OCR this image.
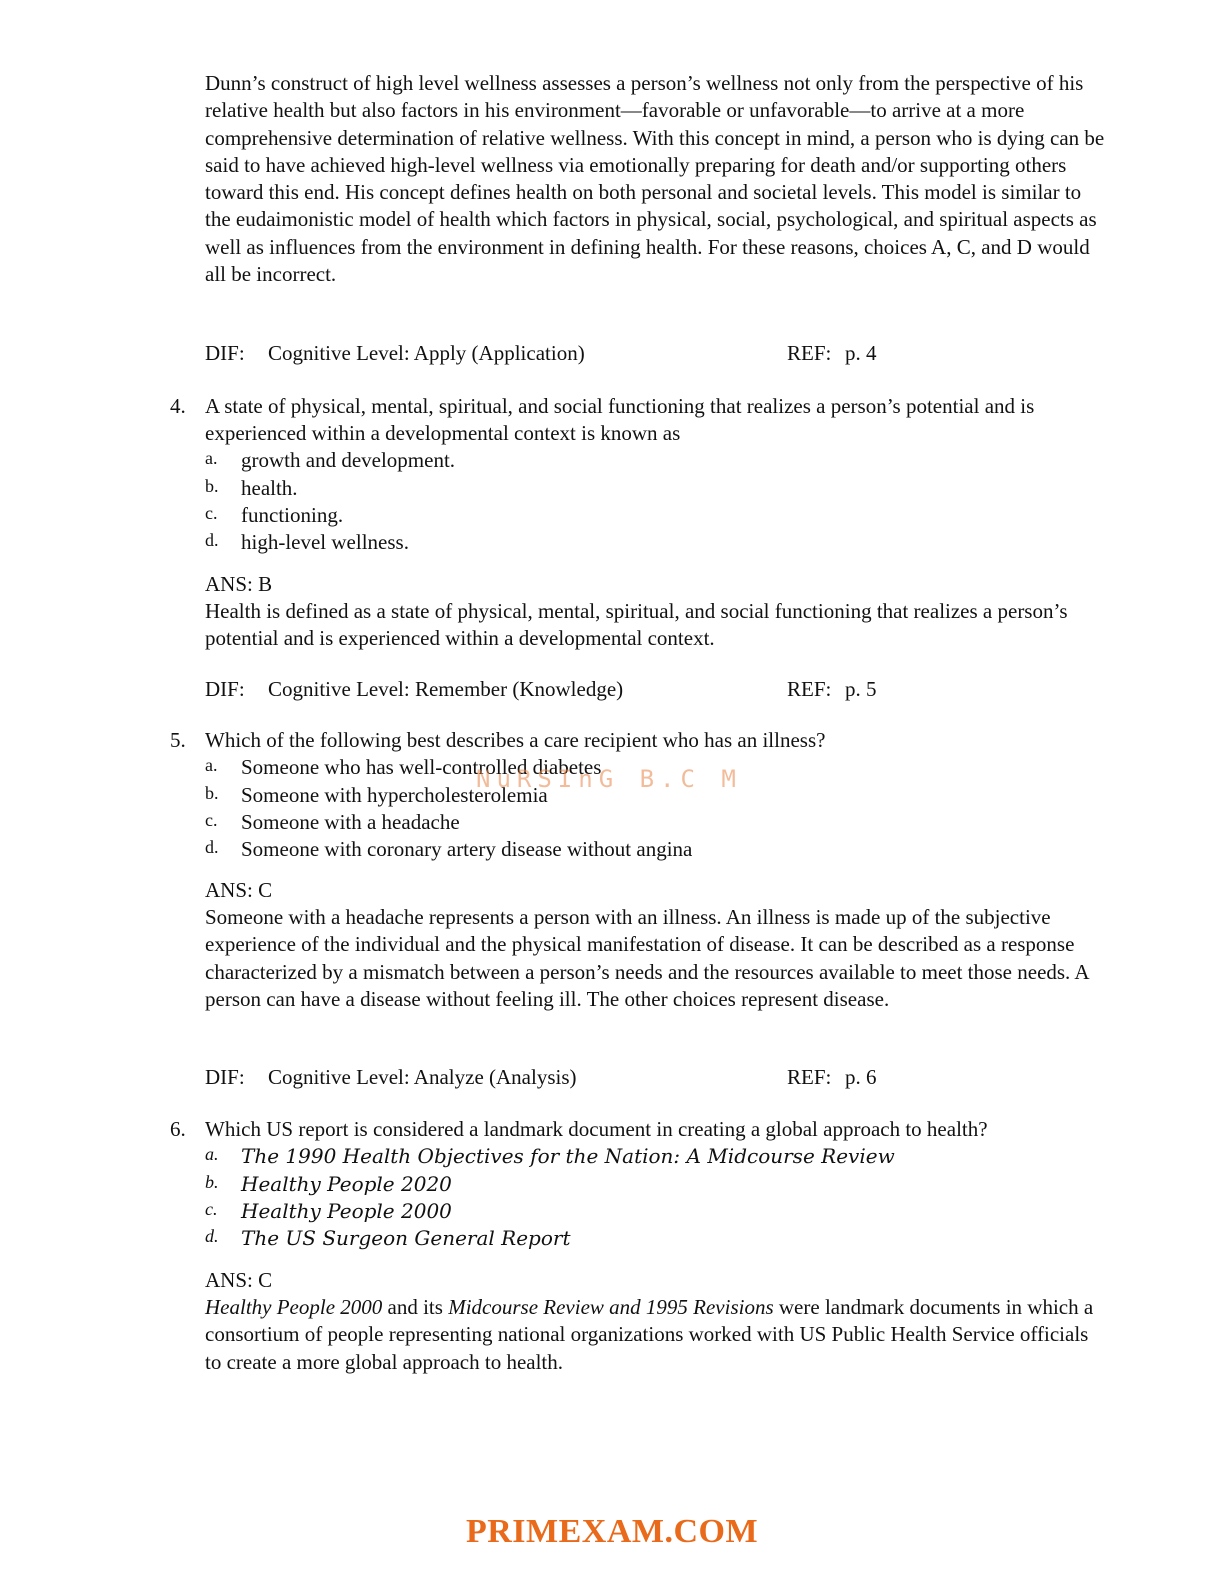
Dunn’s construct of high level wellness assesses a person’s wellness not only from the perspective of his relative health but also factors in his environment—favorable or unfavorable—to arrive at a more comprehensive determination of relative wellness. With this concept in mind, a person who is dying can be said to have achieved high-level wellness via emotionally preparing for death and/or supporting others toward this end. His concept defines health on both personal and societal levels. This model is similar to the eudaimonistic model of health which factors in physical, social, psychological, and spiritual aspects as well as influences from the environment in defining health. For these reasons, choices A, C, and D would all be incorrect.

DIF: Cognitive Level: Apply (Application)	REF: p. 4
4. A state of physical, mental, spiritual, and social functioning that realizes a person’s potential and is experienced within a developmental context is known as
a. growth and development.
b. health.
c. functioning.
d. high-level wellness.
ANS: B
Health is defined as a state of physical, mental, spiritual, and social functioning that realizes a person’s potential and is experienced within a developmental context.
DIF: Cognitive Level: Remember (Knowledge)	REF: p. 5
5. Which of the following best describes a care recipient who has an illness?
a. Someone who has well-controlled diabetes
b. Someone with hypercholesterolemia
c. Someone with a headache
d. Someone with coronary artery disease without angina
ANS: C
Someone with a headache represents a person with an illness. An illness is made up of the subjective experience of the individual and the physical manifestation of disease. It can be described as a response characterized by a mismatch between a person’s needs and the resources available to meet those needs. A person can have a disease without feeling ill. The other choices represent disease.
DIF: Cognitive Level: Analyze (Analysis)	REF: p. 6
6. Which US report is considered a landmark document in creating a global approach to health?
a. The 1990 Health Objectives for the Nation: A Midcourse Review
b. Healthy People 2020
c. Healthy People 2000
d. The US Surgeon General Report
ANS: C
Healthy People 2000 and its Midcourse Review and 1995 Revisions were landmark documents in which a consortium of people representing national organizations worked with US Public Health Service officials to create a more global approach to health.
NuRSInG B.C M
PRIMEXAM.COM
